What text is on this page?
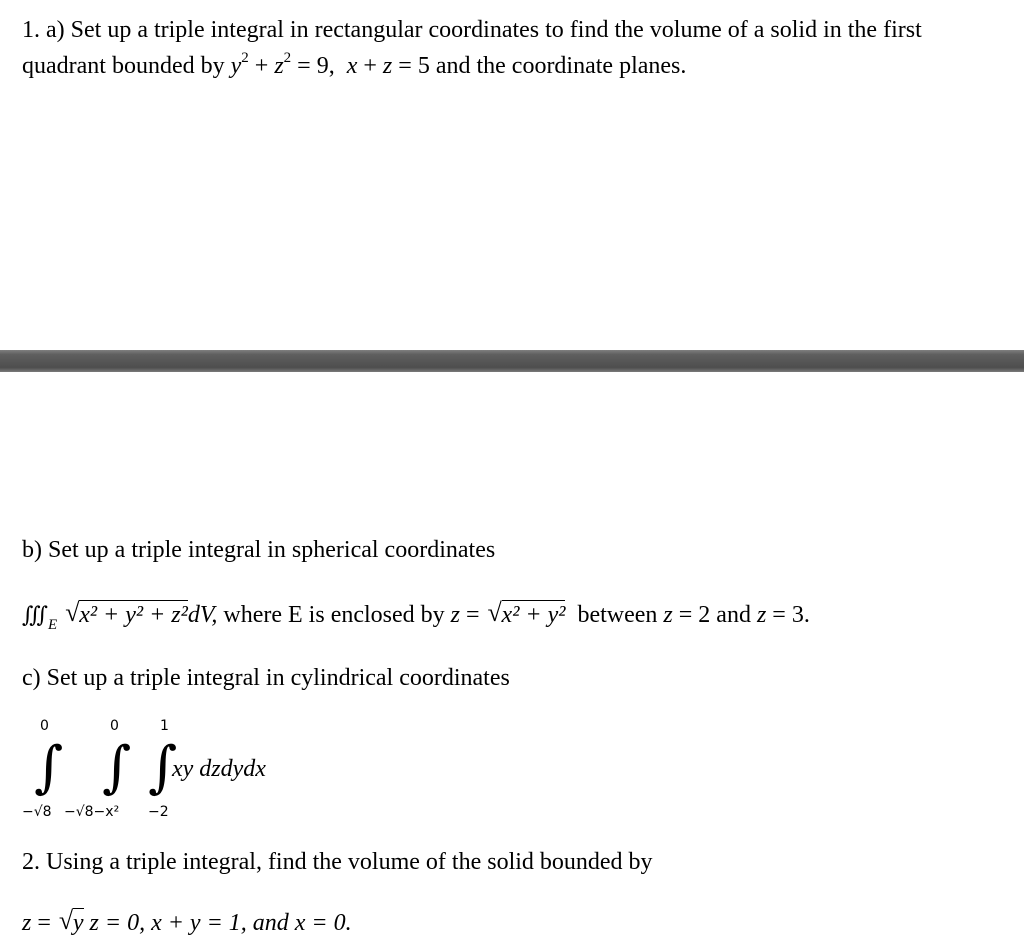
1. a) Set up a triple integral in rectangular coordinates to find the volume of a solid in the first
quadrant bounded by $y^2 + z^2 = 9$, x + z = 5 and the coordinate planes.
b) Set up a triple integral in spherical coordinates
$∭_E$ √ x² + y² + z²dV, where E is enclosed by z = √ x² + y² between z = 2 and z = 3.
c) Set up a triple integral in cylindrical coordinates
0
∫
−√8
0
∫
−√8−x²
1
∫
−2
xy dzdydx
2. Using a triple integral, find the volume of the solid bounded by
z = √ y z = 0, x + y = 1, and x = 0.
